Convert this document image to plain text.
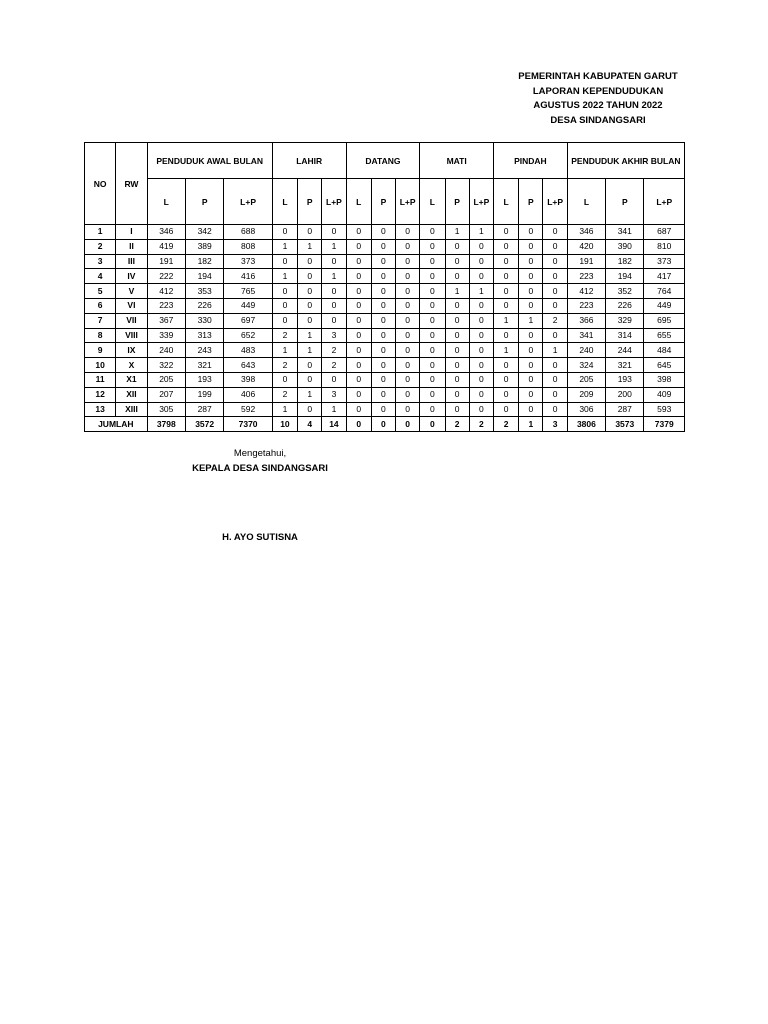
PEMERINTAH KABUPATEN GARUT
LAPORAN KEPENDUDUKAN
AGUSTUS 2022 TAHUN 2022
DESA SINDANGSARI
NO	RW	PENDUDUK AWAL BULAN			LAHIR			DATANG			MATI			PINDAH			PENDUDUK AKHIR BULAN		
		L	P	L+P	L	P	L+P	L	P	L+P	L	P	L+P	L	P	L+P	L	P	L+P
1	I	346	342	688	0	0	0	0	0	0	0	1	1	0	0	0	346	341	687
2	II	419	389	808	1	1	1	0	0	0	0	0	0	0	0	0	420	390	810
3	III	191	182	373	0	0	0	0	0	0	0	0	0	0	0	0	191	182	373
4	IV	222	194	416	1	0	1	0	0	0	0	0	0	0	0	0	223	194	417
5	V	412	353	765	0	0	0	0	0	0	0	1	1	0	0	0	412	352	764
6	VI	223	226	449	0	0	0	0	0	0	0	0	0	0	0	0	223	226	449
7	VII	367	330	697	0	0	0	0	0	0	0	0	0	1	1	2	366	329	695
8	VIII	339	313	652	2	1	3	0	0	0	0	0	0	0	0	0	341	314	655
9	IX	240	243	483	1	1	2	0	0	0	0	0	0	1	0	1	240	244	484
10	X	322	321	643	2	0	2	0	0	0	0	0	0	0	0	0	324	321	645
11	X1	205	193	398	0	0	0	0	0	0	0	0	0	0	0	0	205	193	398
12	XII	207	199	406	2	1	3	0	0	0	0	0	0	0	0	0	209	200	409
13	XIII	305	287	592	1	0	1	0	0	0	0	0	0	0	0	0	306	287	593
JUMLAH		3798	3572	7370	10	4	14	0	0	0	0	2	2	2	1	3	3806	3573	7379
Mengetahui,
KEPALA DESA SINDANGSARI
H. AYO SUTISNA
